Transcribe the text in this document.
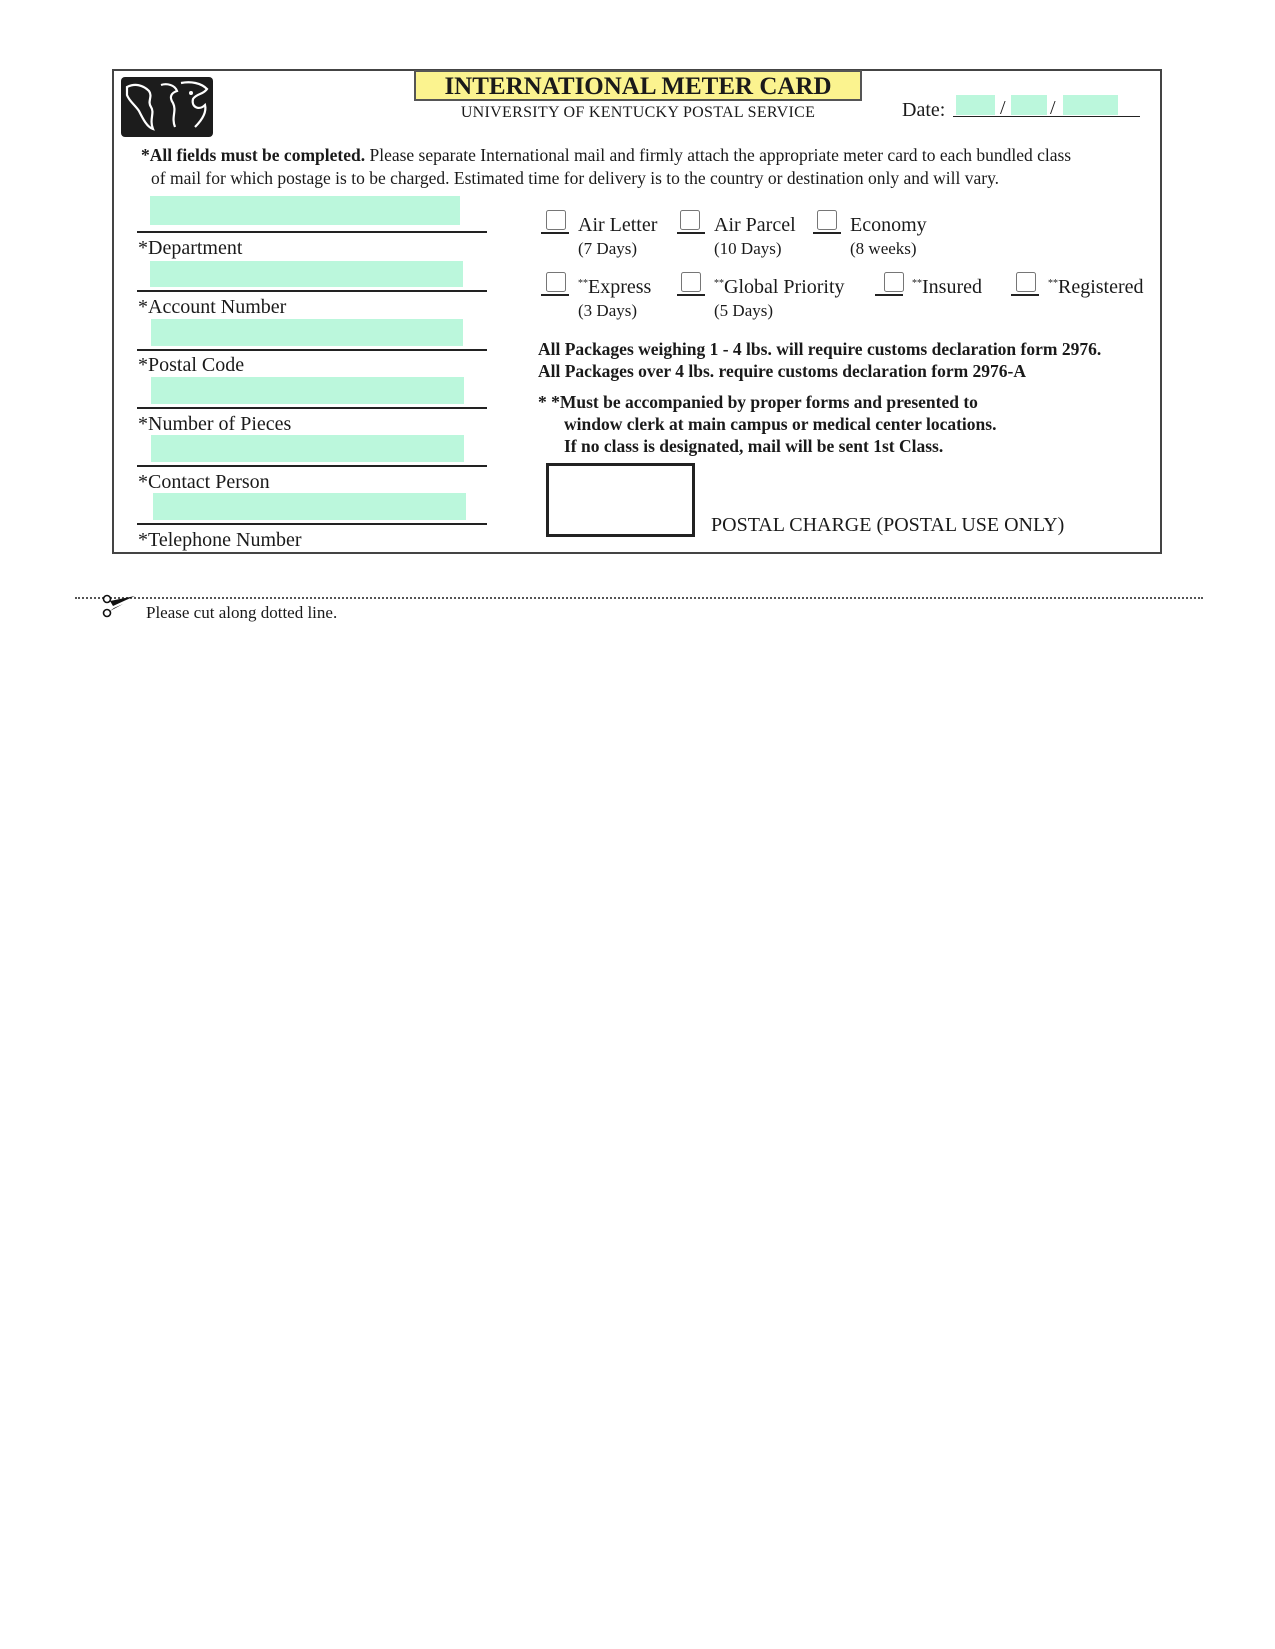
INTERNATIONAL METER CARD
UNIVERSITY OF KENTUCKY POSTAL SERVICE	Date:	/ /
*All fields must be completed. Please separate International mail and firmly attach the appropriate meter card to each bundled class
of mail for which postage is to be charged. Estimated time for delivery is to the country or destination only and will vary.
*Department
*Account Number
*Postal Code
*Number of Pieces
*Contact Person
*Telephone Number
Air Letter
(7 Days)
Air Parcel
(10 Days)
Economy
(8 weeks)
**Express
(3 Days)
**Global Priority
(5 Days)
**Insured	**Registered
All Packages weighing 1 - 4 lbs. will require customs declaration form 2976.
All Packages over 4 lbs. require customs declaration form 2976-A
* *Must be accompanied by proper forms and presented to
window clerk at main campus or medical center locations.
If no class is designated, mail will be sent 1st Class.
POSTAL CHARGE (POSTAL USE ONLY)
Please cut along dotted line.
